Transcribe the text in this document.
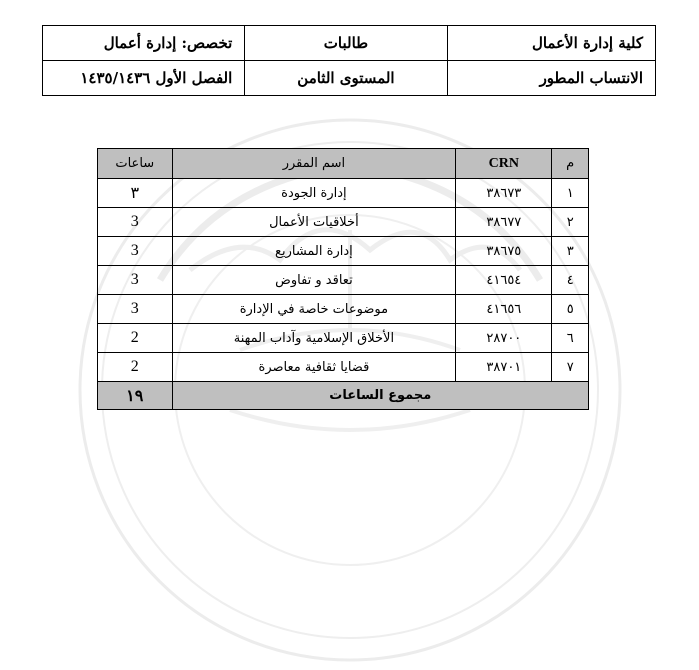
كلية إدارة الأعمال	طالبات	تخصص: إدارة أعمال
الانتساب المطور	المستوى الثامن	الفصل الأول ١٤٣٥/١٤٣٦
م	CRN	اسم المقرر	ساعات
١	٣٨٦٧٣	إدارة الجودة	٣
٢	٣٨٦٧٧	أخلاقيات الأعمال	3
٣	٣٨٦٧٥	إدارة المشاريع	3
٤	٤١٦٥٤	تعاقد و تفاوض	3
٥	٤١٦٥٦	موضوعات خاصة في الإدارة	3
٦	٢٨٧٠٠	الأخلاق الإسلامية وآداب المهنة	2
٧	٣٨٧٠١	قضايا ثقافية معاصرة	2
مجموع الساعات			١٩
